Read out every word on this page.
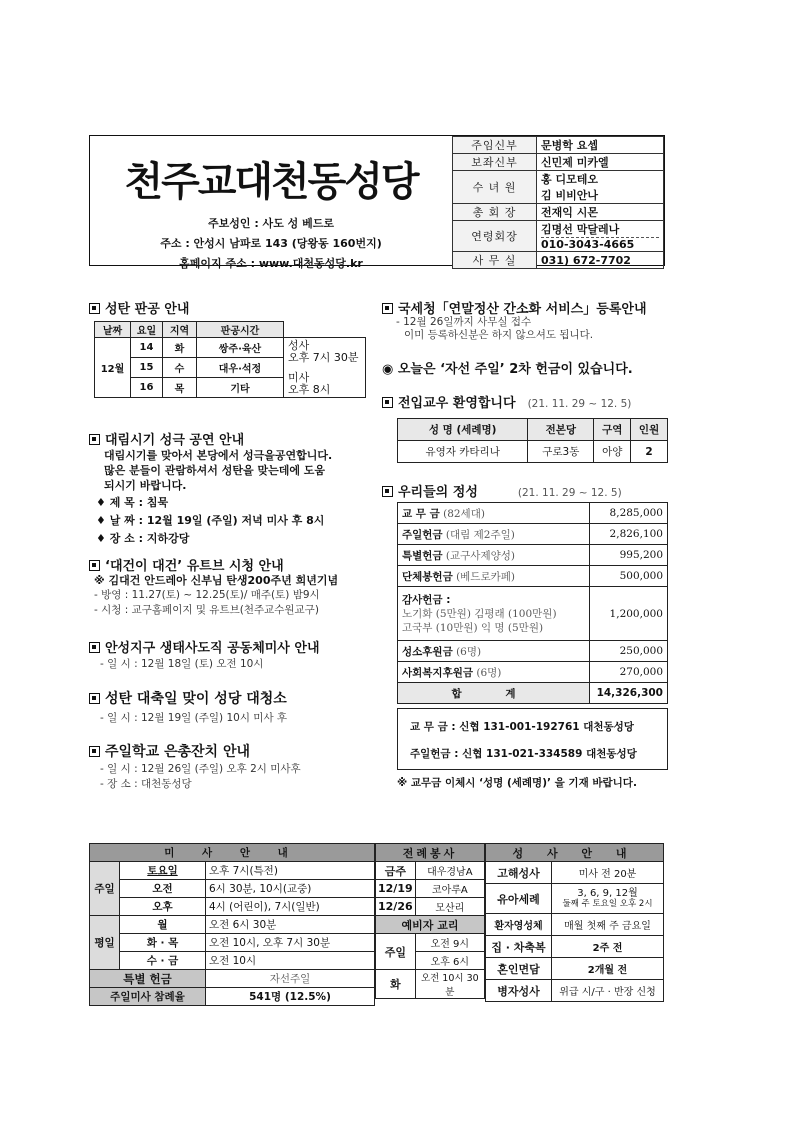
천주교대천동성당
주보성인 : 사도 성 베드로
주소 : 안성시 남파로 143 (당왕동 160번지)
홈페이지 주소 : www.대천동성당.kr
주임신부	문병학 요셉
보좌신부	신민제 미카엘
수 녀 원	홍 디모테오
김 비비안나

총 회 장	전재익 시몬
연령회장	김명선 막달레나
010-3043-4665

사 무 실	031) 672-7702
성탄 판공 안내
날짜	요일	지역	판공시간	
12월	14	화	쌍주·육산	성사
오후 7시 30분
미사
오후 8시

	15	수	대우·석정	
	16	목	기타	
대림시기 성극 공연 안내
대림시기를 맞아서 본당에서 성극을공연합니다.
많은 분들이 관람하셔서 성탄을 맞는데에 도움
되시기 바랍니다.
♦ 제 목 : 침묵
♦ 날 짜 : 12월 19일 (주일) 저녁 미사 후 8시
♦ 장 소 : 지하강당
‘대건이 대건’ 유트브 시청 안내
※ 김대건 안드레아 신부님 탄생200주년 희년기념
- 방영 : 11.27(토) ~ 12.25(토)/ 매주(토) 밤9시
- 시청 : 교구홈페이지 및 유트브(천주교수원교구)
안성지구 생태사도직 공동체미사 안내
- 일 시 : 12월 18일 (토) 오전 10시
성탄 대축일 맞이 성당 대청소
- 일 시 : 12월 19일 (주일) 10시 미사 후
주일학교 은총잔치 안내
- 일 시 : 12월 26일 (주일) 오후 2시 미사후
- 장 소 : 대천동성당
국세청「연말정산 간소화 서비스」등록안내
- 12월 26일까지 사무실 접수
이미 등록하신분은 하지 않으셔도 됩니다.
◉ 오늘은 ‘자선 주일’ 2차 헌금이 있습니다.
전입교우 환영합니다 (21. 11. 29 ~ 12. 5)
성 명 (세례명)	전본당	구역	인원
유영자 카타리나	구로3동	아양	2
우리들의 정성	(21. 11. 29 ~ 12. 5)
교 무 금 (82세대)	8,285,000
주일헌금 (대림 제2주일)	2,826,100
특별헌금 (교구사제양성)	995,200
단체봉헌금 (베드로카페)	500,000
감사헌금 :
노기화 (5만원) 김평래 (100만원)
고국부 (10만원) 익 명 (5만원)	1,200,000
성소후원금 (6명)	250,000
사회복지후원금 (6명)	270,000
합 계	14,326,300
교 무 금 : 신협 131-001-192761 대천동성당
주일헌금 : 신협 131-021-334589 대천동성당
※ 교무금 이체시 ‘성명 (세례명)’ 을 기재 바랍니다.
미 사 안 내		
주일	토요일	오후 7시(특전)
	오전	6시 30분, 10시(교중)
	오후	4시 (어린이), 7시(일반)
평일	월	오전 6시 30분
	화 · 목	오전 10시, 오후 7시 30분
	수 · 금	오전 10시
특별 헌금		자선주일
주일미사 참례율		541명 (12.5%)
전례봉사	
금주	대우경남A
12/19	코아루A
12/26	모산리
예비자 교리	
주일	오전 9시
	오후 6시
화	오전 10시 30분
성 사 안 내	
고해성사	미사 전 20분
유아세례	3, 6, 9, 12월
둘째 주 토요일 오후 2시

환자영성체	매월 첫째 주 금요일
집 · 차축복	2주 전
혼인면담	2개월 전
병자성사	위급 시/구 · 반장 신청
